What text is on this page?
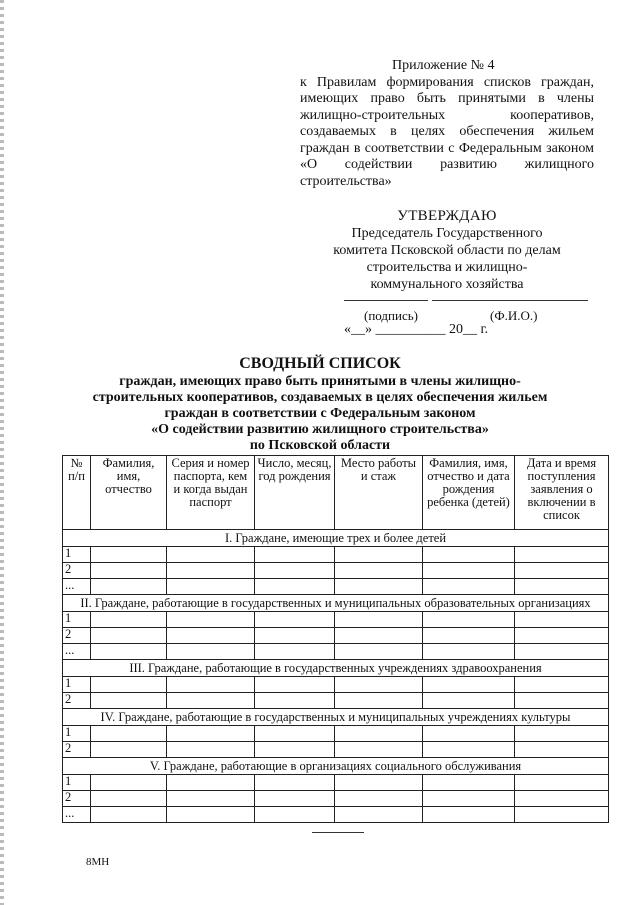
Приложение № 4
к Правилам формирования списков граждан, имеющих право быть принятыми в члены жилищно-строительных кооперативов, создаваемых в целях обеспечения жильем граждан в соответствии с Федеральным законом «О содействии развитию жилищного строительства»
УТВЕРЖДАЮ
Председатель Государственного
комитета Псковской области по делам
строительства и жилищно-
коммунального хозяйства
(подпись)	(Ф.И.О.)
«__» __________ 20__ г.
СВОДНЫЙ СПИСОК
граждан, имеющих право быть принятыми в члены жилищно-
строительных кооперативов, создаваемых в целях обеспечения жильем
граждан в соответствии с Федеральным законом
«О содействии развитию жилищного строительства»
по Псковской области
№ п/п	Фамилия, имя, отчество	Серия и номер паспорта, кем и когда выдан паспорт	Число, месяц, год рождения	Место работы и стаж	Фамилия, имя, отчество и дата рождения ребенка (детей)	Дата и время поступления заявления о включении в список
I. Граждане, имеющие трех и более детей						
1						
2						
...						
II. Граждане, работающие в государственных и муниципальных образовательных организациях						
1						
2						
...						
III. Граждане, работающие в государственных учреждениях здравоохранения						
1						
2						
IV. Граждане, работающие в государственных и муниципальных учреждениях культуры						
1						
2						
V. Граждане, работающие в организациях социального обслуживания						
1						
2						
...						
8МН
